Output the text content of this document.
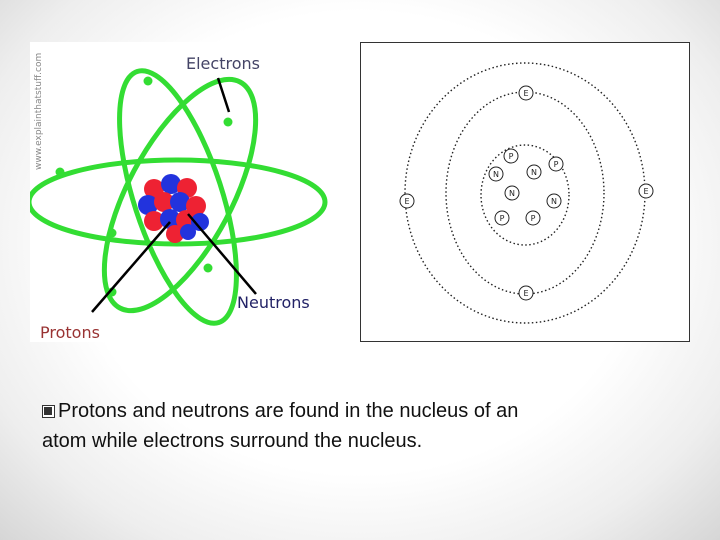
www.explainthatstuff.com	Electrons
Neutrons
Protons
E
E
E
E
P
N	N
P
N
N
P	P
Protons and neutrons are found in the nucleus of an
atom while electrons surround the nucleus.
